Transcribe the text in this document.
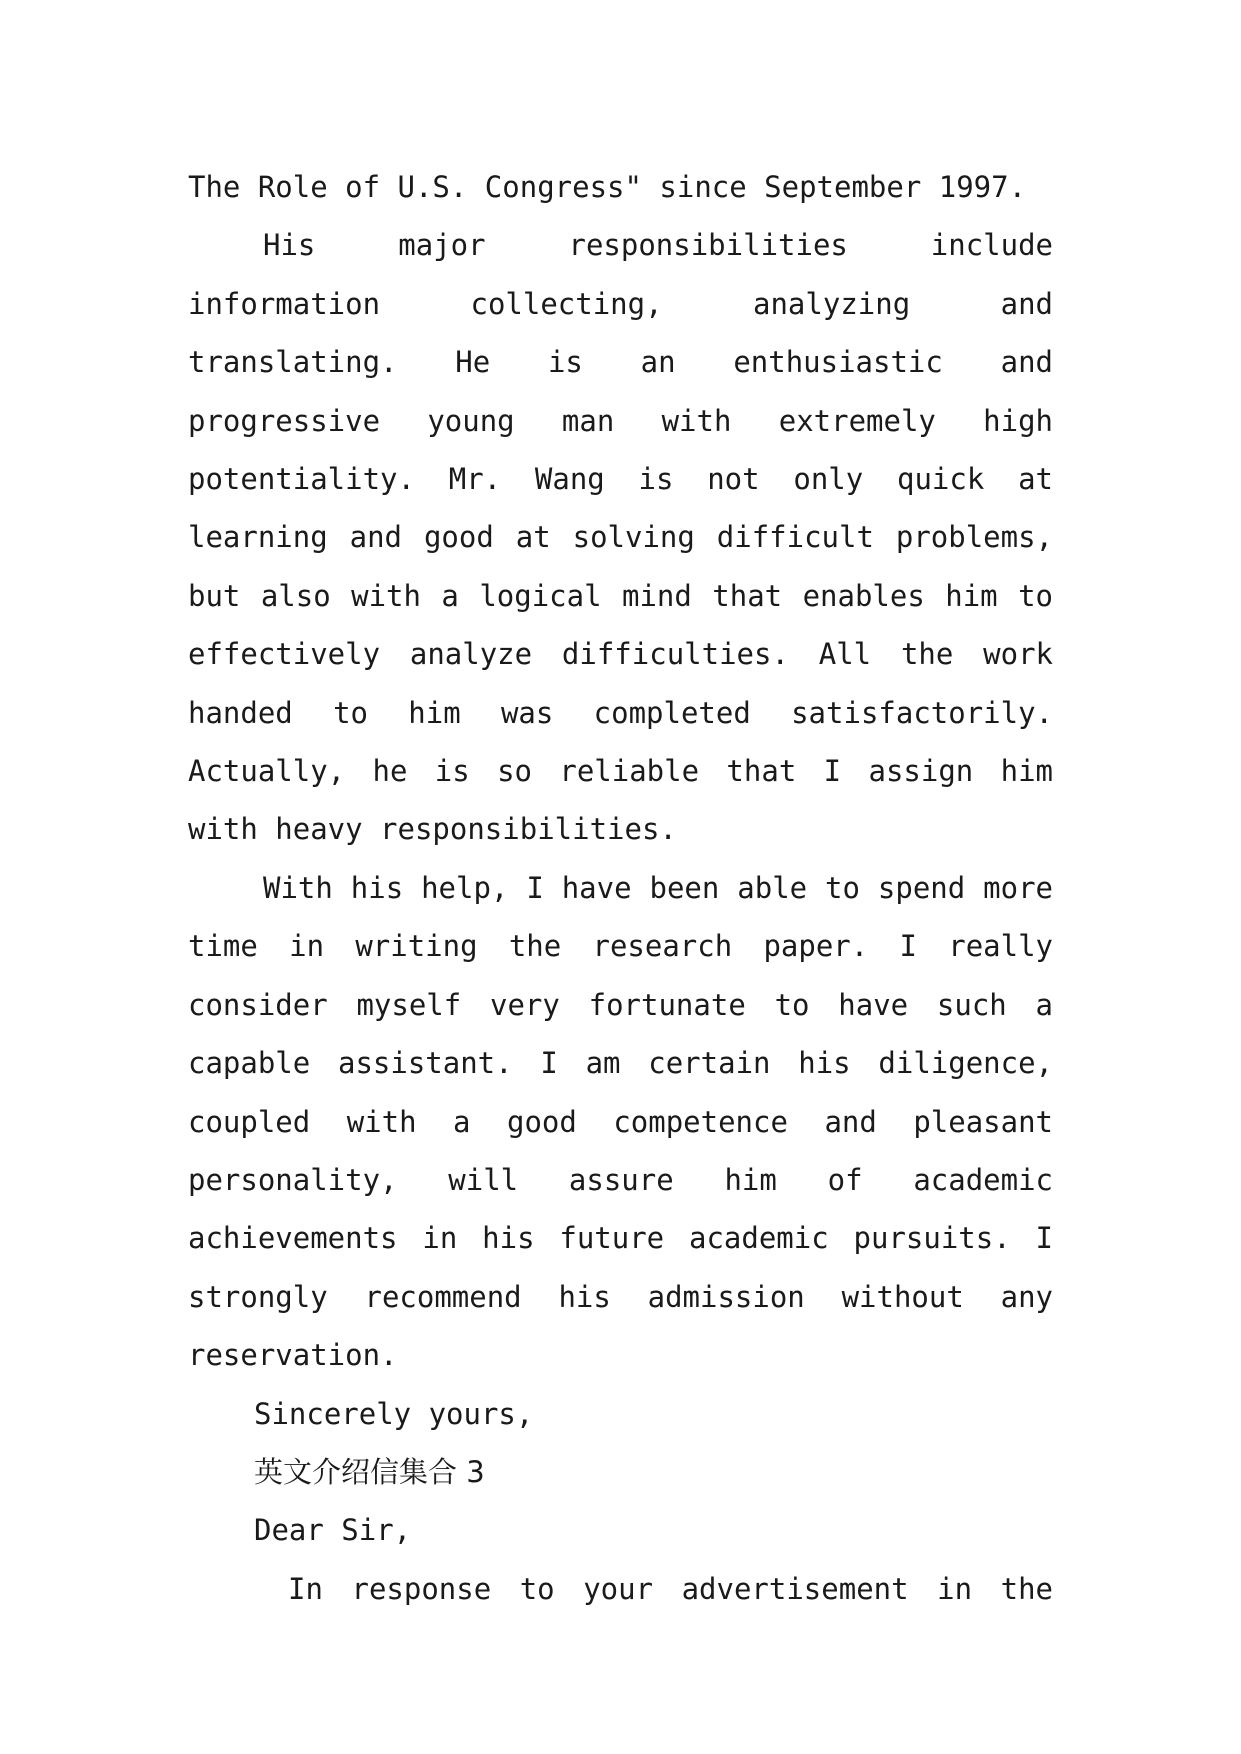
The Role of U.S. Congress" since September 1997.

His major responsibilities include information collecting, analyzing and translating. He is an enthusiastic and progressive young man with extremely high potentiality. Mr. Wang is not only quick at learning and good at solving difficult problems, but also with a logical mind that enables him to effectively analyze difficulties. All the work handed to him was completed satisfactorily. Actually, he is so reliable that I assign him with heavy responsibilities.

With his help, I have been able to spend more time in writing the research paper. I really consider myself very fortunate to have such a capable assistant. I am certain his diligence, coupled with a good competence and pleasant personality, will assure him of academic achievements in his future academic pursuits. I strongly recommend his admission without any reservation.

Sincerely yours,

英文介绍信集合 3

Dear Sir,

In response to your advertisement in the
